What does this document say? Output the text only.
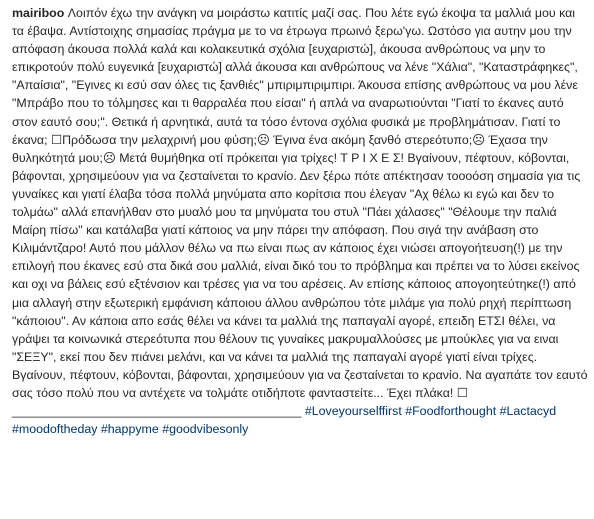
mairiboo Λοιπόν έχω την ανάγκη να μοιράστω κατιτίς μαζί σας. Που λέτε εγώ έκοψα τα μαλλιά μου και τα έβαψα. Αντίστοιχης σημασίας πράγμα με το να έτρωγα πρωινό ξερω'γω. Ωστόσο για αυτην μου την απόφαση άκουσα πολλά καλά και κολακευτικά σχόλια [ευχαριστώ], άκουσα ανθρώπους να μην το επικροτούν πολύ ευγενικά [ευχαριστώ] αλλά άκουσα και ανθρώπους να λένε "Χάλια", "Καταστράφηκες", "Απαίσια", "Εγινες κι εσύ σαν όλες τις ξανθιές" μπιριμπιριμπιρι. Άκουσα επίσης ανθρώπους να μου λένε "Μπράβο που το τόλμησες και τι θαρραλέα που είσαι" ή απλά να αναρωτιούνται "Γιατί το έκανες αυτό στον εαυτό σου;". Θετικά ή αρνητικά, αυτά τα τόσο έντονα σχόλια φυσικά με προβλημάτισαν. Γιατί το έκανα; ☐Πρόδωσα την μελαχρινή μου φύση;☹ Έγινα ένα ακόμη ξανθό στερεότυπο;☹ Έχασα την θυληκότητά μου;☹ Μετά θυμήθηκα οτί πρόκειται για τρίχες! Τ Ρ Ι Χ Ε Σ! Βγαίνουν, πέφτουν, κόβονται, βάφονται, χρησιμεύουν για να ζεσταίνεται το κρανίο. Δεν ξέρω πότε απέκτησαν τοοοόση σημασία για τις γυναίκες και γιατί έλαβα τόσα πολλά μηνύματα απο κορίτσια που έλεγαν "Αχ θέλω κι εγώ και δεν το τολμάω" αλλά επανήλθαν στο μυαλό μου τα μηνύματα του στυλ "Πάει χάλασες" "Θέλουμε την παλιά Μαίρη πίσω" και κατάλαβα γιατί κάποιος να μην πάρει την απόφαση. Που σιγά την ανάβαση στο Κιλιμάντζαρο! Αυτό που μάλλον θέλω να πω είναι πως αν κάποιος έχει νιώσει απογοήτευση(!) με την επιλογή που έκανες εσύ στα δικά σου μαλλιά, είναι δικό του το πρόβλημα και πρέπει να το λύσει εκείνος και οχι να βάλεις εσύ εξτένσιον και τρέσες για να του αρέσεις. Αν επίσης κάποιος απογοητεύτηκε(!) από μια αλλαγή στην εξωτερική εμφάνιση κάποιου άλλου ανθρώπου τότε μιλάμε για πολύ ρηχή περίπτωση "κάποιου". Αν κάποια απο εσάς θέλει να κάνει τα μαλλιά της παπαγαλί αγορέ, επειδη ΕΤΣΙ θέλει, να γράψει τα κοινωνικά στερεότυπα που θέλουν τις γυναίκες μακρυμαλλούσες με μπούκλες για να ειναι "ΣΕΞΥ", εκεί που δεν πιάνει μελάνι, και να κάνει τα μαλλιά της παπαγαλί αγορέ γιατί είναι τρίχες. Βγαίνουν, πέφτουν, κόβονται, βάφονται, χρησιμεύουν για να ζεσταίνεται το κρανίο. Να αγαπάτε τον εαυτό σας τόσο πολύ που να αντέχετε να τολμάτε οτιδήποτε φανταστείτε... Έχει πλάκα! ☐
__________________________________________ #Loveyourselffirst #Foodforthought #Lactacyd
#moodoftheday #happyme #goodvibesonly
